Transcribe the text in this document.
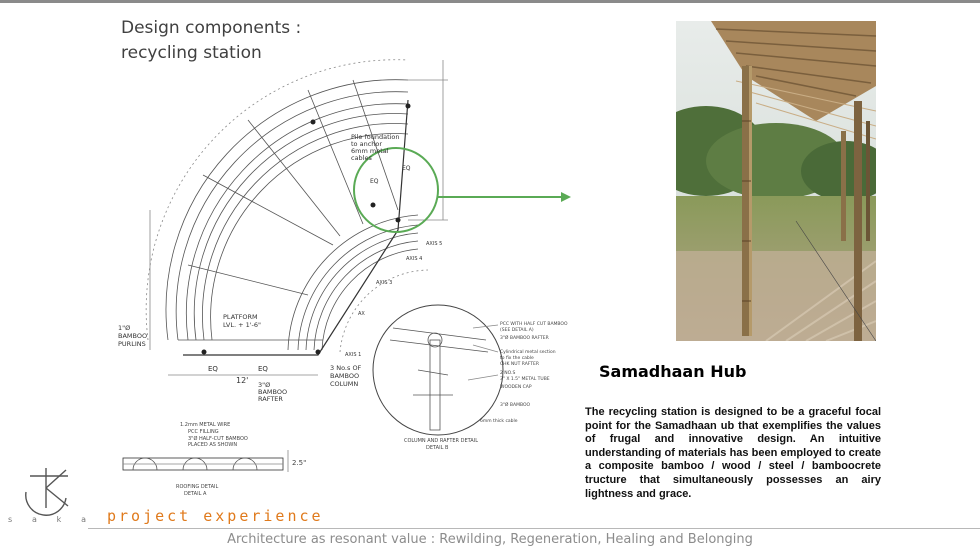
Design components :
recycling station
Pile foundation
to anchor
6mm metal
cables
PLATFORM
LVL. + 1'-6"
1"Ø
BAMBOO
PURLINS
3 No.s OF
BAMBOO
COLUMN
3"Ø
BAMBOO
RAFTER
12'
EQ	EQ
EQ
EQ
AXIS 1
AXIS 3
AXIS 4
AXIS 5
AX
PCC WITH HALF CUT BAMBOO
(SEE DETAIL A)
3"Ø BAMBOO RAFTER
Cylindrical metal section
to fix the cable
CHK NUT RAFTER
2 NO.S
3" X 1.5" METAL TUBE
WOODEN CAP
3"Ø BAMBOO
6mm thick cable
COLUMN AND RAFTER DETAIL
DETAIL B
1.2mm METAL WIRE
PCC FILLING
3"Ø HALF-CUT BAMBOO
PLACED AS SHOWN
2.5"
ROOFING DETAIL
DETAIL A
Samadhaan Hub

The recycling station is designed to be a graceful focal point for the Samadhaan ub that exemplifies the values of frugal and innovative design. An intuitive understanding of materials has been employed to create a composite bamboo / wood / steel / bamboocrete tructure that simultaneously possesses an airy lightness and grace.

s a k a project experience
Architecture as resonant value : Rewilding, Regeneration, Healing and Belonging
